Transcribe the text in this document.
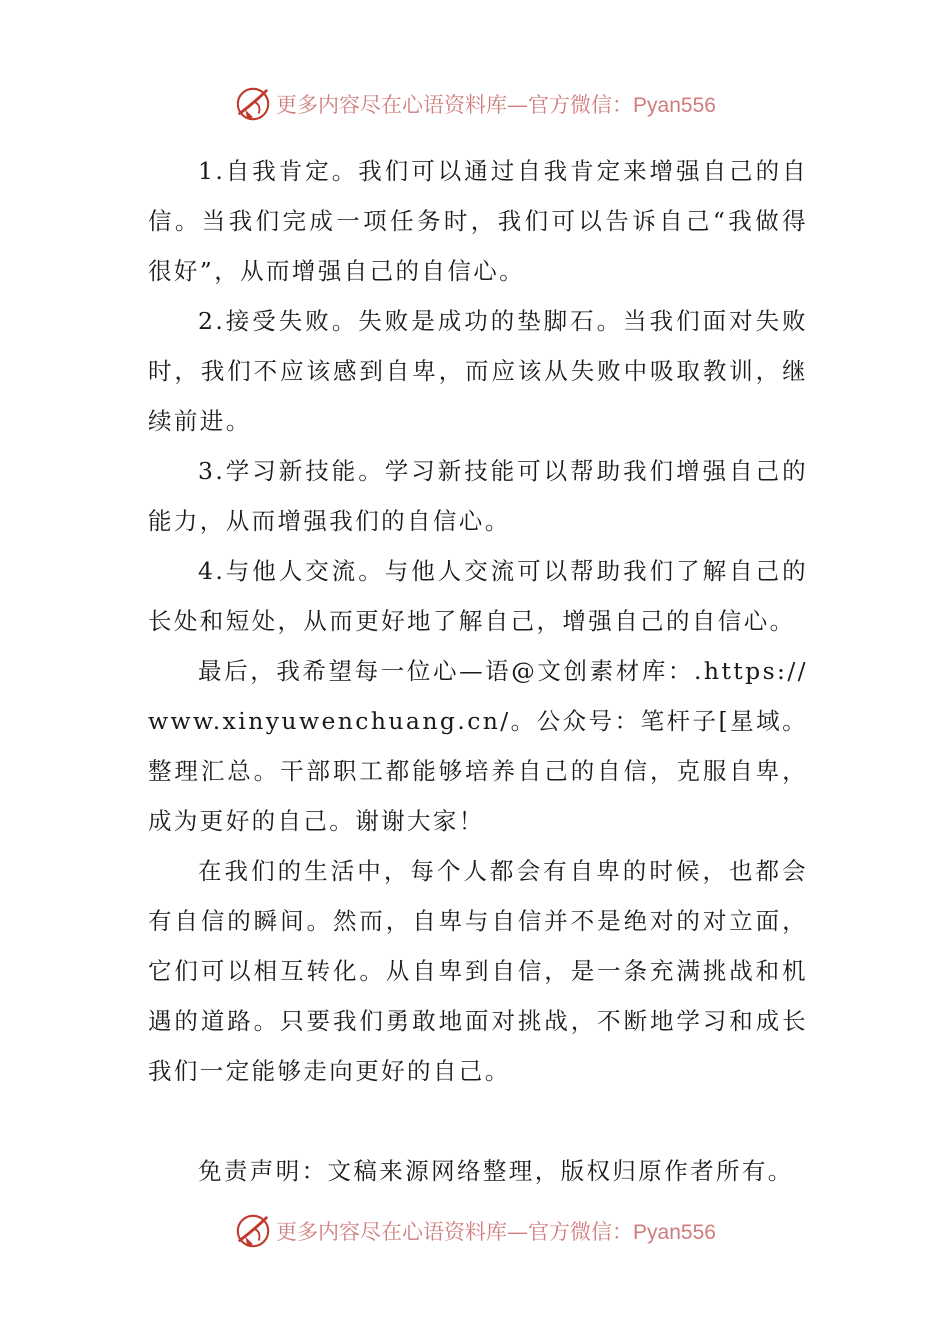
更多内容尽在心语资料库—官方微信：Pyan556

1.自我肯定。我们可以通过自我肯定来增强自己的自信。当我们完成一项任务时，我们可以告诉自己“我做得很好”，从而增强自己的自信心。

2.接受失败。失败是成功的垫脚石。当我们面对失败时，我们不应该感到自卑，而应该从失败中吸取教训，继续前进。

3.学习新技能。学习新技能可以帮助我们增强自己的能力，从而增强我们的自信心。

4.与他人交流。与他人交流可以帮助我们了解自己的长处和短处，从而更好地了解自己，增强自己的自信心。

最后，我希望每一位心—语@文创素材库：.https://www.xinyuwenchuang.cn/。公众号：笔杆子[星域。整理汇总。干部职工都能够培养自己的自信，克服自卑，成为更好的自己。谢谢大家！

在我们的生活中，每个人都会有自卑的时候，也都会有自信的瞬间。然而，自卑与自信并不是绝对的对立面，它们可以相互转化。从自卑到自信，是一条充满挑战和机遇的道路。只要我们勇敢地面对挑战，不断地学习和成长我们一定能够走向更好的自己。

免责声明：文稿来源网络整理，版权归原作者所有。

更多内容尽在心语资料库—官方微信：Pyan556
